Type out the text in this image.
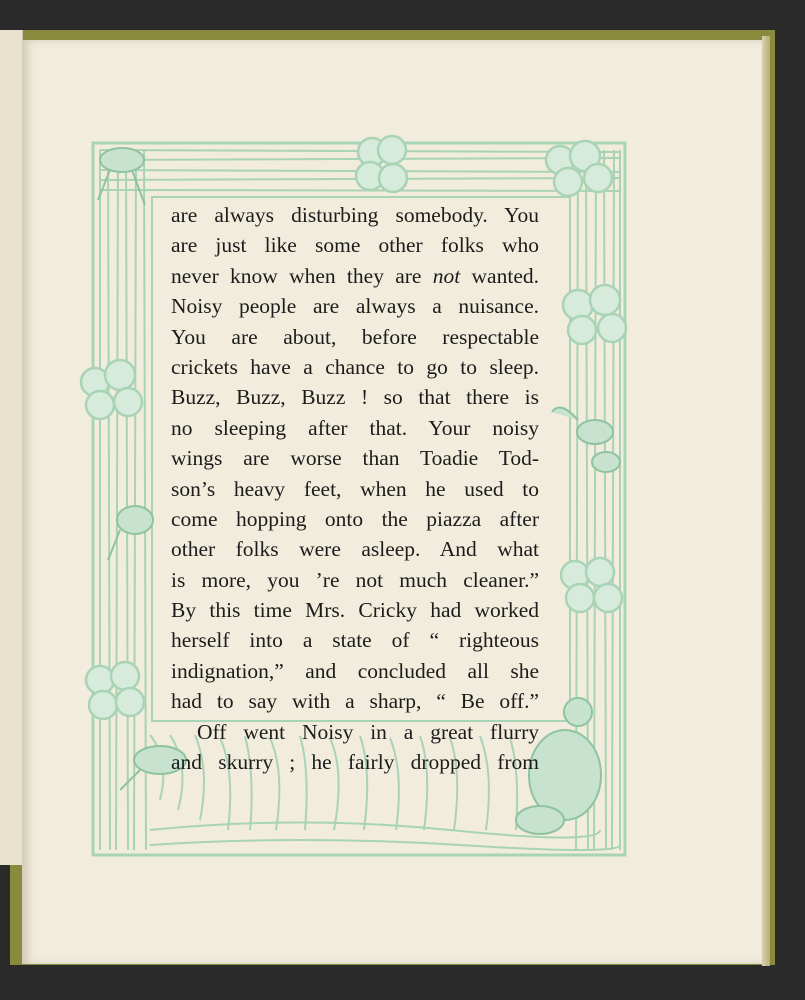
are always disturbing somebody. You
are just like some other folks who
never know when they are not wanted.
Noisy people are always a nuisance.
You are about, before respectable
crickets have a chance to go to sleep.
Buzz, Buzz, Buzz ! so that there is
no sleeping after that. Your noisy
wings are worse than Toadie Tod-
son’s heavy feet, when he used to
come hopping onto the piazza after
other folks were asleep. And what
is more, you ’re not much cleaner.”
By this time Mrs. Cricky had worked
herself into a state of “ righteous
indignation,” and concluded all she
had to say with a sharp, “ Be off.”
Off went Noisy in a great flurry
and skurry ; he fairly dropped from
